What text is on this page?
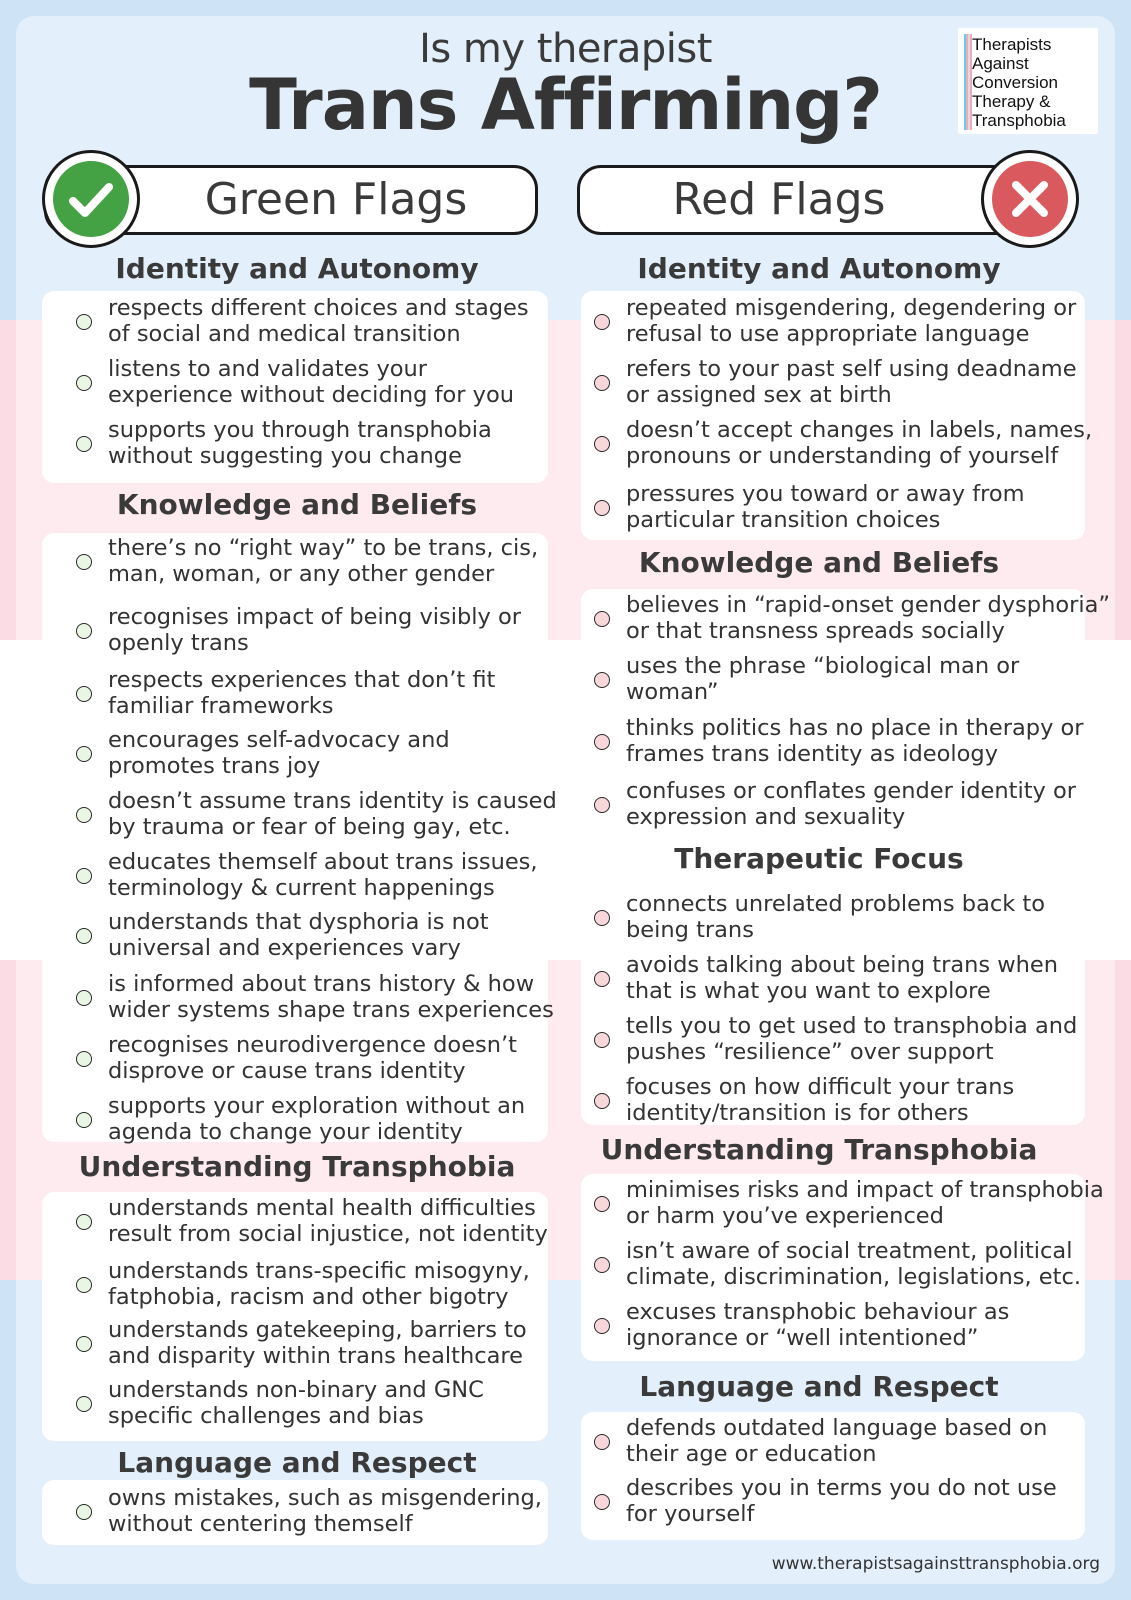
Is my therapist
Trans Affirming?
Therapists
Against
Conversion
Therapy &
Transphobia
Green Flags	Red Flags
Identity and Autonomy
respects different choices and stages
of social and medical transition
listens to and validates your
experience without deciding for you
supports you through transphobia
without suggesting you change
Knowledge and Beliefs
there’s no “right way” to be trans, cis,
man, woman, or any other gender
recognises impact of being visibly or
openly trans
respects experiences that don’t fit
familiar frameworks
encourages self-advocacy and
promotes trans joy
doesn’t assume trans identity is caused
by trauma or fear of being gay, etc.
educates themself about trans issues,
terminology & current happenings
understands that dysphoria is not
universal and experiences vary
is informed about trans history & how
wider systems shape trans experiences
recognises neurodivergence doesn’t
disprove or cause trans identity
supports your exploration without an
agenda to change your identity
Understanding Transphobia
understands mental health difficulties
result from social injustice, not identity
understands trans-specific misogyny,
fatphobia, racism and other bigotry
understands gatekeeping, barriers to
and disparity within trans healthcare
understands non-binary and GNC
specific challenges and bias
Language and Respect
owns mistakes, such as misgendering,
without centering themself
Identity and Autonomy
repeated misgendering, degendering or
refusal to use appropriate language
refers to your past self using deadname
or assigned sex at birth
doesn’t accept changes in labels, names,
pronouns or understanding of yourself
pressures you toward or away from
particular transition choices
Knowledge and Beliefs
believes in “rapid-onset gender dysphoria”
or that transness spreads socially
uses the phrase “biological man or
woman”
thinks politics has no place in therapy or
frames trans identity as ideology
confuses or conflates gender identity or
expression and sexuality
Therapeutic Focus
connects unrelated problems back to
being trans
avoids talking about being trans when
that is what you want to explore
tells you to get used to transphobia and
pushes “resilience” over support
focuses on how difficult your trans
identity/transition is for others
Understanding Transphobia
minimises risks and impact of transphobia
or harm you’ve experienced
isn’t aware of social treatment, political
climate, discrimination, legislations, etc.
excuses transphobic behaviour as
ignorance or “well intentioned”
Language and Respect
defends outdated language based on
their age or education
describes you in terms you do not use
for yourself
www.therapistsagainsttransphobia.org
